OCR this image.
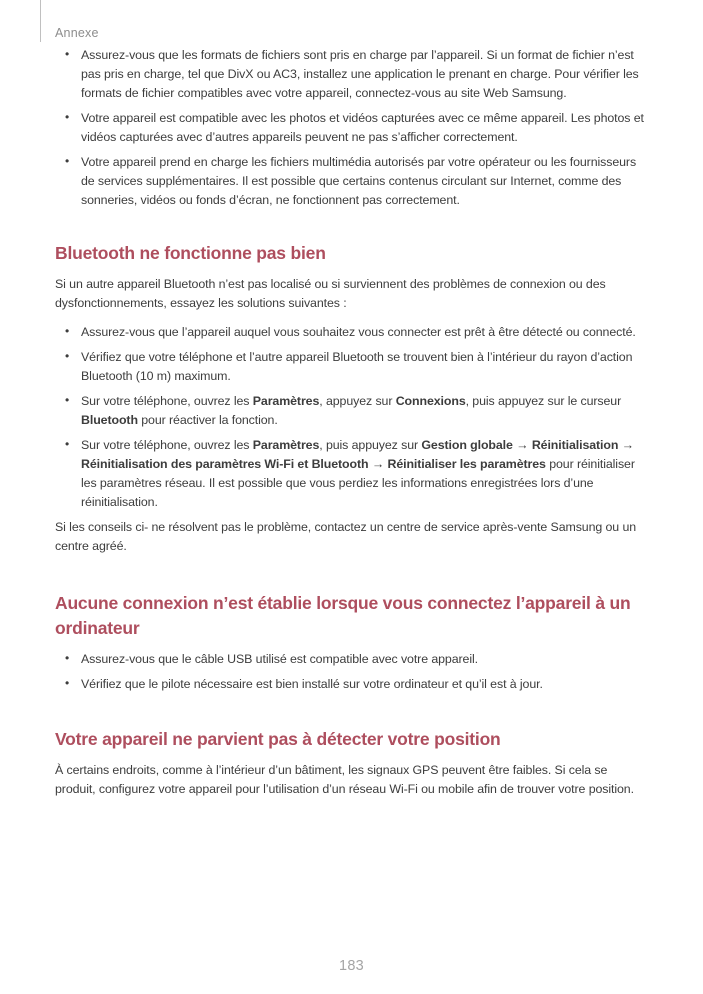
Annexe
• Assurez-vous que les formats de fichiers sont pris en charge par l’appareil. Si un format de fichier n’est pas pris en charge, tel que DivX ou AC3, installez une application le prenant en charge. Pour vérifier les formats de fichier compatibles avec votre appareil, connectez-vous au site Web Samsung.
• Votre appareil est compatible avec les photos et vidéos capturées avec ce même appareil. Les photos et vidéos capturées avec d’autres appareils peuvent ne pas s’afficher correctement.
• Votre appareil prend en charge les fichiers multimédia autorisés par votre opérateur ou les fournisseurs de services supplémentaires. Il est possible que certains contenus circulant sur Internet, comme des sonneries, vidéos ou fonds d’écran, ne fonctionnent pas correctement.
Bluetooth ne fonctionne pas bien

Si un autre appareil Bluetooth n’est pas localisé ou si surviennent des problèmes de connexion ou des dysfonctionnements, essayez les solutions suivantes :

• Assurez-vous que l’appareil auquel vous souhaitez vous connecter est prêt à être détecté ou connecté.
• Vérifiez que votre téléphone et l’autre appareil Bluetooth se trouvent bien à l’intérieur du rayon d’action Bluetooth (10 m) maximum.
• Sur votre téléphone, ouvrez les Paramètres, appuyez sur Connexions, puis appuyez sur le curseur Bluetooth pour réactiver la fonction.
• Sur votre téléphone, ouvrez les Paramètres, puis appuyez sur Gestion globale → Réinitialisation → Réinitialisation des paramètres Wi-Fi et Bluetooth → Réinitialiser les paramètres pour réinitialiser les paramètres réseau. Il est possible que vous perdiez les informations enregistrées lors d’une réinitialisation.

Si les conseils ci- ne résolvent pas le problème, contactez un centre de service après-vente Samsung ou un centre agréé.

Aucune connexion n’est établie lorsque vous connectez l’appareil à un ordinateur
• Assurez-vous que le câble USB utilisé est compatible avec votre appareil.
• Vérifiez que le pilote nécessaire est bien installé sur votre ordinateur et qu’il est à jour.
Votre appareil ne parvient pas à détecter votre position

À certains endroits, comme à l’intérieur d’un bâtiment, les signaux GPS peuvent être faibles. Si cela se produit, configurez votre appareil pour l’utilisation d’un réseau Wi-Fi ou mobile afin de trouver votre position.

183
